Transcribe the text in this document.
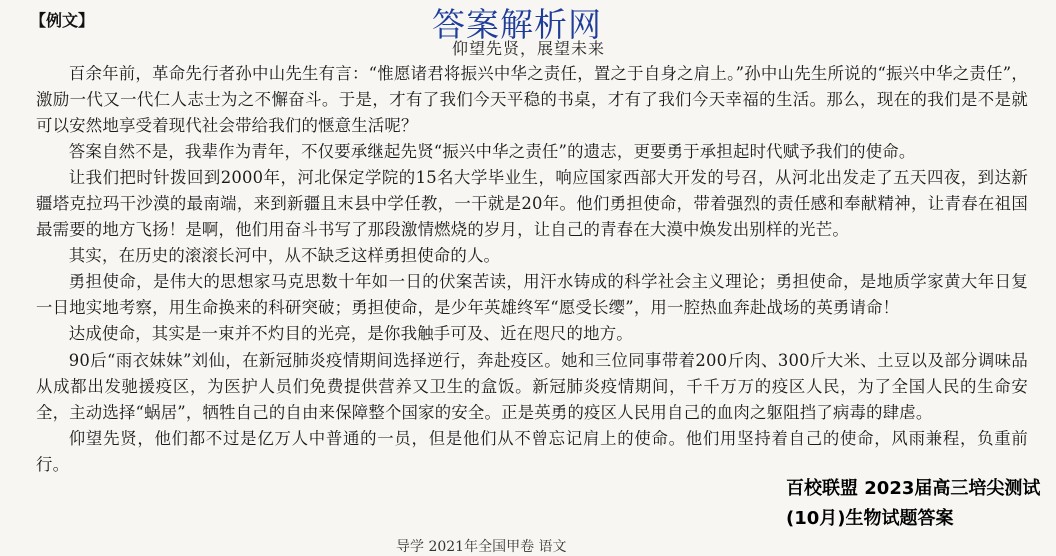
【例文】	答案解析网
仰望先贤，展望未来

百余年前，革命先行者孙中山先生有言：“惟愿诸君将振兴中华之责任，置之于自身之肩上。”孙中山先生所说的“振兴中华之责任”，激励一代又一代仁人志士为之不懈奋斗。于是，才有了我们今天平稳的书桌，才有了我们今天幸福的生活。那么，现在的我们是不是就可以安然地享受着现代社会带给我们的惬意生活呢？

答案自然不是，我辈作为青年，不仅要承继起先贤“振兴中华之责任”的遗志，更要勇于承担起时代赋予我们的使命。

让我们把时针拨回到2000年，河北保定学院的15名大学毕业生，响应国家西部大开发的号召，从河北出发走了五天四夜，到达新疆塔克拉玛干沙漠的最南端，来到新疆且末县中学任教，一干就是20年。他们勇担使命，带着强烈的责任感和奉献精神，让青春在祖国最需要的地方飞扬！是啊，他们用奋斗书写了那段激情燃烧的岁月，让自己的青春在大漠中焕发出别样的光芒。

其实，在历史的滚滚长河中，从不缺乏这样勇担使命的人。

勇担使命，是伟大的思想家马克思数十年如一日的伏案苦读，用汗水铸成的科学社会主义理论；勇担使命，是地质学家黄大年日复一日地实地考察，用生命换来的科研突破；勇担使命，是少年英雄终军“愿受长缨”，用一腔热血奔赴战场的英勇请命！

达成使命，其实是一束并不灼目的光亮，是你我触手可及、近在咫尺的地方。

90后“雨衣妹妹”刘仙，在新冠肺炎疫情期间选择逆行，奔赴疫区。她和三位同事带着200斤肉、300斤大米、土豆以及部分调味品从成都出发驰援疫区，为医护人员们免费提供营养又卫生的盒饭。新冠肺炎疫情期间，千千万万的疫区人民，为了全国人民的生命安全，主动选择“蜗居”，牺牲自己的自由来保障整个国家的安全。正是英勇的疫区人民用自己的血肉之躯阻挡了病毒的肆虐。

仰望先贤，他们都不过是亿万人中普通的一员，但是他们从不曾忘记肩上的使命。他们用坚持着自己的使命，风雨兼程，负重前行。

百校联盟 2023届高三培尖测试(10月)生物试题答案
导学 2021年全国甲卷 语文
